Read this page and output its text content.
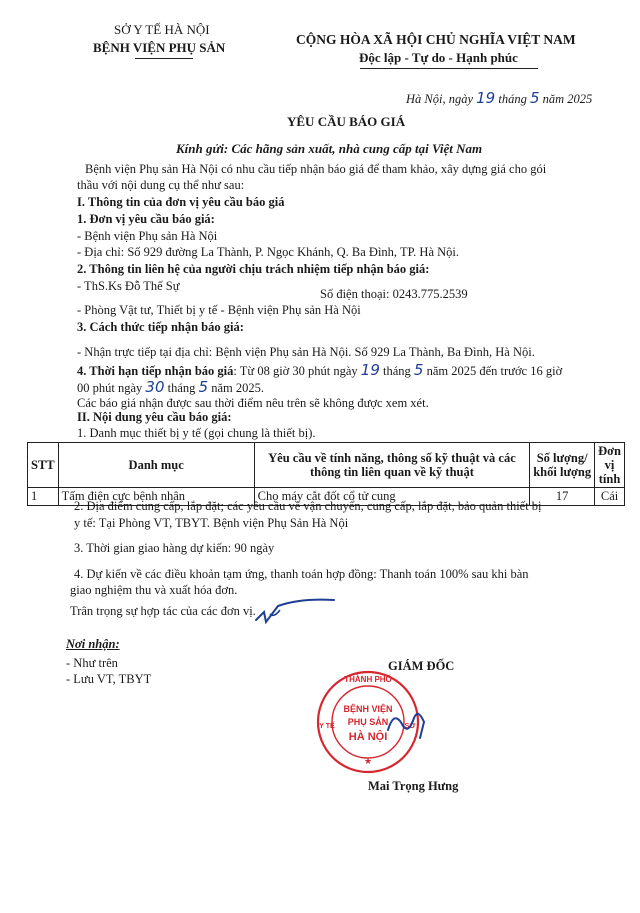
SỞ Y TẾ HÀ NỘI
BỆNH VIỆN PHỤ SẢN
CỘNG HÒA XÃ HỘI CHỦ NGHĨA VIỆT NAM
Độc lập - Tự do - Hạnh phúc
Hà Nội, ngày 19 tháng 5 năm 2025
YÊU CẦU BÁO GIÁ
Kính gửi: Các hãng sản xuất, nhà cung cấp tại Việt Nam
Bệnh viện Phụ sản Hà Nội có nhu cầu tiếp nhận báo giá để tham khảo, xây dựng giá cho gói
thầu với nội dung cụ thể như sau:
I. Thông tin của đơn vị yêu cầu báo giá
1. Đơn vị yêu cầu báo giá:
- Bệnh viện Phụ sản Hà Nội
- Địa chỉ: Số 929 đường La Thành, P. Ngọc Khánh, Q. Ba Đình, TP. Hà Nội.
2. Thông tin liên hệ của người chịu trách nhiệm tiếp nhận báo giá:
- ThS.Ks Đỗ Thế Sự
Số điện thoại: 0243.775.2539
- Phòng Vật tư, Thiết bị y tế - Bệnh viện Phụ sản Hà Nội
3. Cách thức tiếp nhận báo giá:
- Nhận trực tiếp tại địa chỉ: Bệnh viện Phụ sản Hà Nội. Số 929 La Thành, Ba Đình, Hà Nội.
4. Thời hạn tiếp nhận báo giá: Từ 08 giờ 30 phút ngày 19 tháng 5 năm 2025 đến trước 16 giờ
00 phút ngày 30 tháng 5 năm 2025.
Các báo giá nhận được sau thời điểm nêu trên sẽ không được xem xét.
II. Nội dung yêu cầu báo giá:
1. Danh mục thiết bị y tế (gọi chung là thiết bị).
STT	Danh mục	Yêu cầu về tính năng, thông số kỹ thuật và các
thông tin liên quan về kỹ thuật	Số lượng/
khối lượng	Đơn vị
tính
1	Tấm điện cực bệnh nhân	Cho máy cắt đốt cổ tử cung	17	Cái
2. Địa điểm cung cấp, lắp đặt; các yêu cầu về vận chuyển, cung cấp, lắp đặt, bảo quản thiết bị
y tế: Tại Phòng VT, TBYT. Bệnh viện Phụ Sản Hà Nội
3. Thời gian giao hàng dự kiến: 90 ngày
4. Dự kiến về các điều khoản tạm ứng, thanh toán hợp đồng: Thanh toán 100% sau khi bàn
giao nghiệm thu và xuất hóa đơn.
Trân trọng sự hợp tác của các đơn vị.
Nơi nhận:
- Như trên
- Lưu VT, TBYT
GIÁM ĐỐC
THÀNH PHỐ
Y TẾ	SỞ
BỆNH VIỆN
PHỤ SẢN
HÀ NỘI
★
Mai Trọng Hưng
